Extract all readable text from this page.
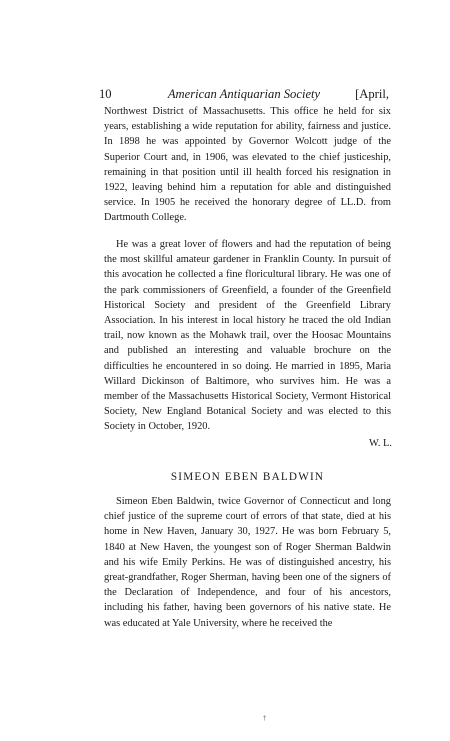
10	American Antiquarian Society	[April,

Northwest District of Massachusetts. This office he held for six years, establishing a wide reputation for ability, fairness and justice. In 1898 he was appointed by Governor Wolcott judge of the Superior Court and, in 1906, was elevated to the chief justiceship, remaining in that position until ill health forced his resignation in 1922, leaving behind him a reputation for able and distinguished service. In 1905 he received the honorary degree of LL.D. from Dartmouth College.

He was a great lover of flowers and had the reputation of being the most skillful amateur gardener in Franklin County. In pursuit of this avocation he collected a fine floricultural library. He was one of the park commissioners of Greenfield, a founder of the Greenfield Historical Society and president of the Greenfield Library Association. In his interest in local history he traced the old Indian trail, now known as the Mohawk trail, over the Hoosac Mountains and published an interesting and valuable brochure on the difficulties he encountered in so doing. He married in 1895, Maria Willard Dickinson of Baltimore, who survives him. He was a member of the Massachusetts Historical Society, Vermont Historical Society, New England Botanical Society and was elected to this Society in October, 1920.

W. L.
SIMEON EBEN BALDWIN

Simeon Eben Baldwin, twice Governor of Connecticut and long chief justice of the supreme court of errors of that state, died at his home in New Haven, January 30, 1927. He was born February 5, 1840 at New Haven, the youngest son of Roger Sherman Baldwin and his wife Emily Perkins. He was of distinguished ancestry, his great-grandfather, Roger Sherman, having been one of the signers of the Declaration of Independence, and four of his ancestors, including his father, having been governors of his native state. He was educated at Yale University, where he received the

†
